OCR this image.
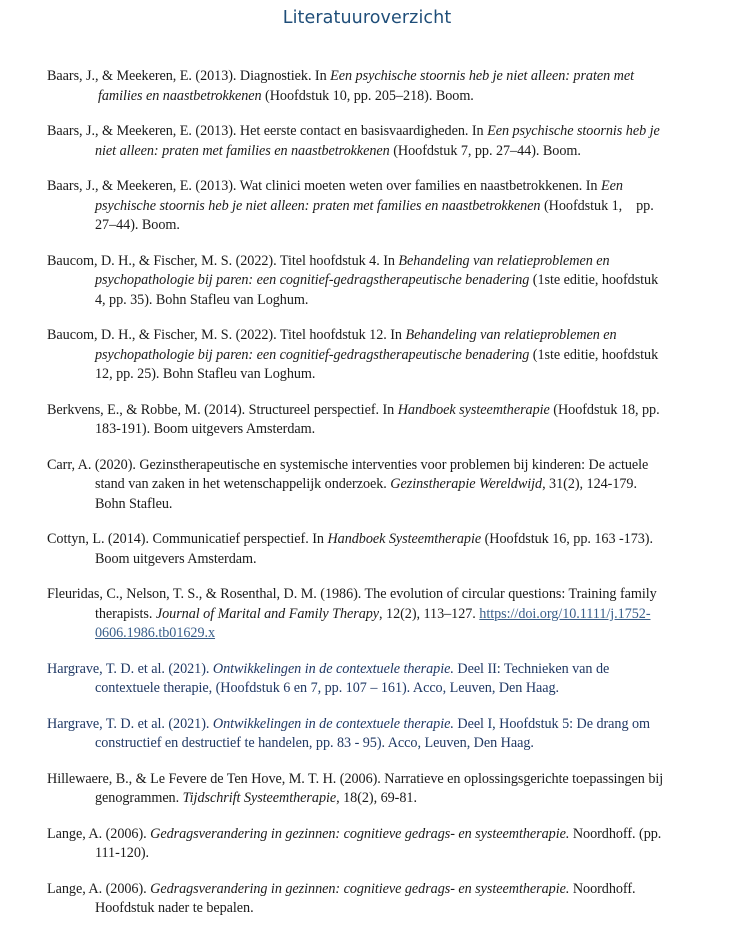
Literatuuroverzicht

Baars, J., & Meekeren, E. (2013). Diagnostiek. In Een psychische stoornis heb je niet alleen: praten met families en naastbetrokkenen (Hoofdstuk 10, pp. 205–218). Boom.

Baars, J., & Meekeren, E. (2013). Het eerste contact en basisvaardigheden. In Een psychische stoornis heb je niet alleen: praten met families en naastbetrokkenen (Hoofdstuk 7, pp. 27–44). Boom.

Baars, J., & Meekeren, E. (2013). Wat clinici moeten weten over families en naastbetrokkenen. In Een psychische stoornis heb je niet alleen: praten met families en naastbetrokkenen (Hoofdstuk 1,    pp. 27–44). Boom.

Baucom, D. H., & Fischer, M. S. (2022). Titel hoofdstuk 4. In Behandeling van relatieproblemen en psychopathologie bij paren: een cognitief-gedragstherapeutische benadering (1ste editie, hoofdstuk 4, pp. 35). Bohn Stafleu van Loghum.

Baucom, D. H., & Fischer, M. S. (2022). Titel hoofdstuk 12. In Behandeling van relatieproblemen en psychopathologie bij paren: een cognitief-gedragstherapeutische benadering (1ste editie, hoofdstuk 12, pp. 25). Bohn Stafleu van Loghum.

Berkvens, E., & Robbe, M. (2014). Structureel perspectief. In Handboek systeemtherapie (Hoofdstuk 18, pp. 183-191). Boom uitgevers Amsterdam.

Carr, A. (2020). Gezinstherapeutische en systemische interventies voor problemen bij kinderen: De actuele stand van zaken in het wetenschappelijk onderzoek. Gezinstherapie Wereldwijd, 31(2), 124-179. Bohn Stafleu.

Cottyn, L. (2014). Communicatief perspectief. In Handboek Systeemtherapie (Hoofdstuk 16, pp. 163 -173). Boom uitgevers Amsterdam.

Fleuridas, C., Nelson, T. S., & Rosenthal, D. M. (1986). The evolution of circular questions: Training family therapists. Journal of Marital and Family Therapy, 12(2), 113–127. https://doi.org/10.1111/j.1752-0606.1986.tb01629.x

Hargrave, T. D. et al. (2021). Ontwikkelingen in de contextuele therapie. Deel II: Technieken van de contextuele therapie, (Hoofdstuk 6 en 7, pp. 107 – 161). Acco, Leuven, Den Haag.

Hargrave, T. D. et al. (2021). Ontwikkelingen in de contextuele therapie. Deel I, Hoofdstuk 5: De drang om constructief en destructief te handelen, pp. 83 - 95). Acco, Leuven, Den Haag.

Hillewaere, B., & Le Fevere de Ten Hove, M. T. H. (2006). Narratieve en oplossingsgerichte toepassingen bij genogrammen. Tijdschrift Systeemtherapie, 18(2), 69-81.

Lange, A. (2006). Gedragsverandering in gezinnen: cognitieve gedrags- en systeemtherapie. Noordhoff. (pp. 111-120).

Lange, A. (2006). Gedragsverandering in gezinnen: cognitieve gedrags- en systeemtherapie. Noordhoff. Hoofdstuk nader te bepalen.
